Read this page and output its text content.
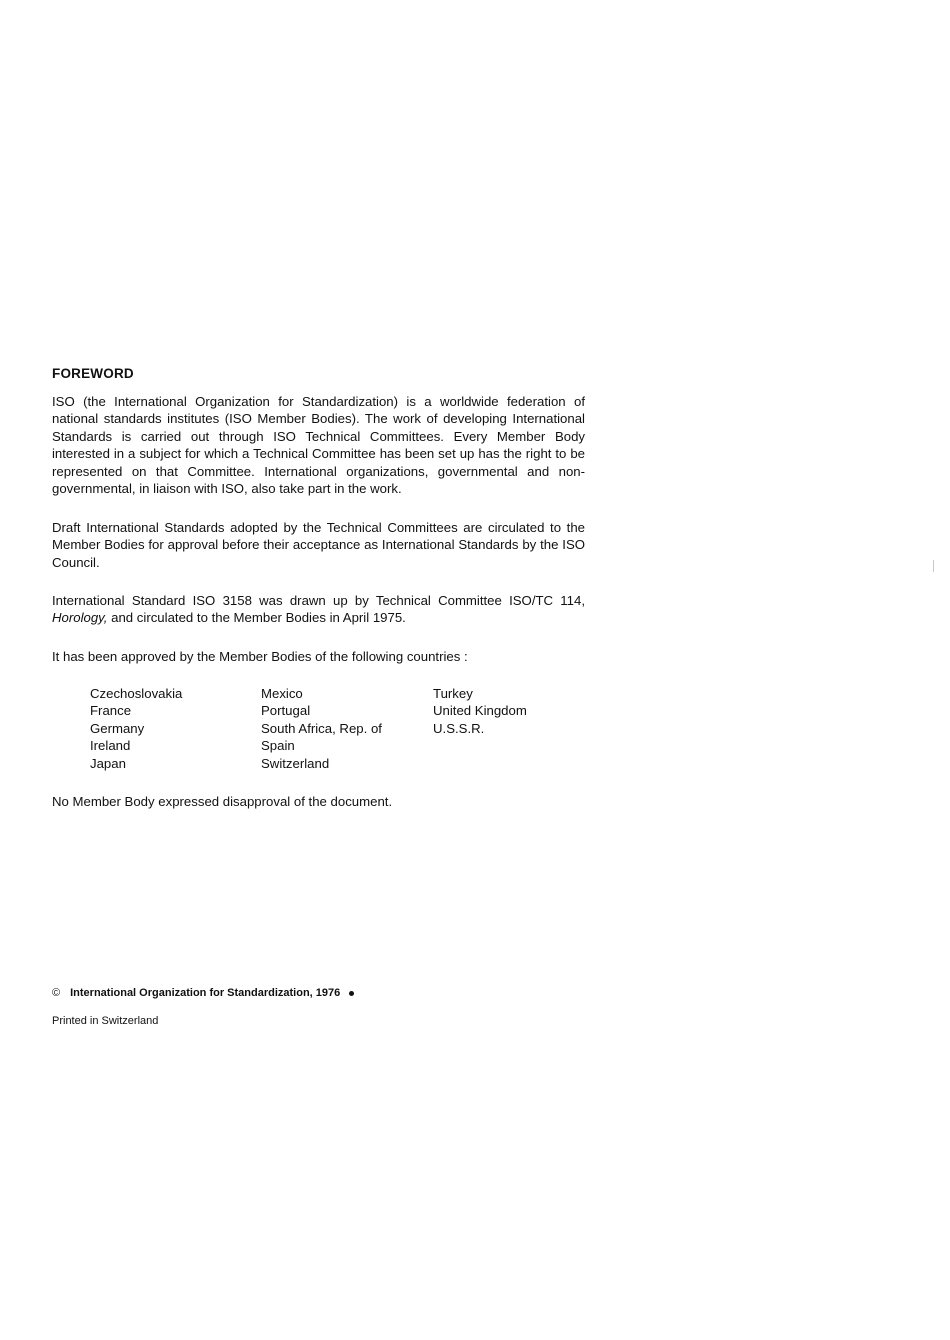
FOREWORD

ISO (the International Organization for Standardization) is a worldwide federation of national standards institutes (ISO Member Bodies). The work of developing International Standards is carried out through ISO Technical Committees. Every Member Body interested in a subject for which a Technical Committee has been set up has the right to be represented on that Committee. International organizations, governmental and non-governmental, in liaison with ISO, also take part in the work.

Draft International Standards adopted by the Technical Committees are circulated to the Member Bodies for approval before their acceptance as International Standards by the ISO Council.

International Standard ISO 3158 was drawn up by Technical Committee ISO/TC 114, Horology, and circulated to the Member Bodies in April 1975.

It has been approved by the Member Bodies of the following countries :

Czechoslovakia
France
Germany
Ireland
Japan
Mexico
Portugal
South Africa, Rep. of
Spain
Switzerland
Turkey
United Kingdom
U.S.S.R.

No Member Body expressed disapproval of the document.

© International Organization for Standardization, 1976
Printed in Switzerland
